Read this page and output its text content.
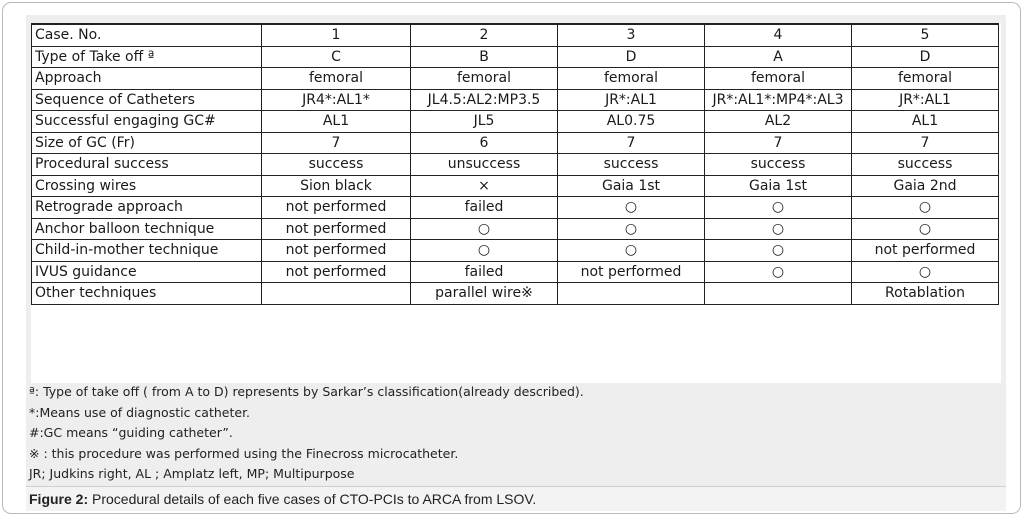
Case. No.	1	2	3	4	5
Type of Take off ª	C	B	D	A	D
Approach	femoral	femoral	femoral	femoral	femoral
Sequence of Catheters	JR4*:AL1*	JL4.5:AL2:MP3.5	JR*:AL1	JR*:AL1*:MP4*:AL3	JR*:AL1
Successful engaging GC#	AL1	JL5	AL0.75	AL2	AL1
Size of GC (Fr)	7	6	7	7	7
Procedural success	success	unsuccess	success	success	success
Crossing wires	Sion black	×	Gaia 1st	Gaia 1st	Gaia 2nd
Retrograde approach	not performed	failed	○	○	○
Anchor balloon technique	not performed	○	○	○	○
Child-in-mother technique	not performed	○	○	○	not performed
IVUS guidance	not performed	failed	not performed	○	○
Other techniques		parallel wire※			Rotablation
ª: Type of take off ( from A to D) represents by Sarkar’s classification(already described).
*:Means use of diagnostic catheter.
#:GC means “guiding catheter”.
※ : this procedure was performed using the Finecross microcatheter.
JR; Judkins right, AL ; Amplatz left, MP; Multipurpose
Figure 2: Procedural details of each five cases of CTO-PCIs to ARCA from LSOV.
